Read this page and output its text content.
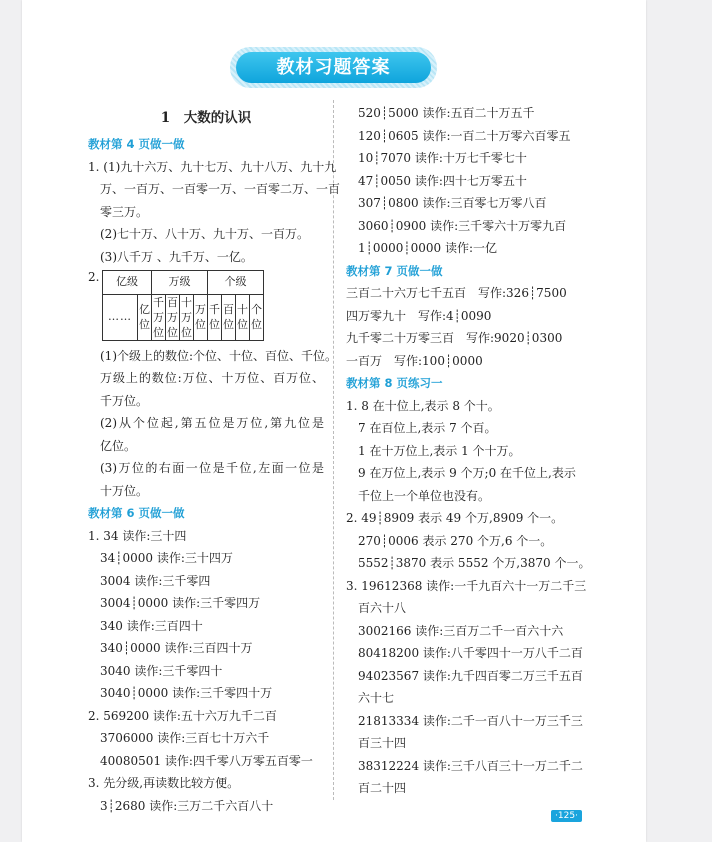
教材习题答案
1　大数的认识
教材第 4 页做一做
1. (1)九十六万、九十七万、九十八万、九十九
万、一百万、一百零一万、一百零二万、一百
零三万。
(2)七十万、八十万、九十万、一百万。
(3)八千万 、九千万、一亿。
2. 亿级		万级				个级			
……	亿位	千万位	百万位	十万位	万位	千位	百位	十位	个位
(1)个级上的数位:个位、十位、百位、千位。
万级上的数位:万位、十万位、百万位、
千万位。
(2)从个位起,第五位是万位,第九位是
亿位。
(3)万位的右面一位是千位,左面一位是
十万位。
教材第 6 页做一做
1. 34 读作:三十四
34┊0000 读作:三十四万
3004 读作:三千零四
3004┊0000 读作:三千零四万
340 读作:三百四十
340┊0000 读作:三百四十万
3040 读作:三千零四十
3040┊0000 读作:三千零四十万
2. 569200 读作:五十六万九千二百
3706000 读作:三百七十万六千
40080501 读作:四千零八万零五百零一
3. 先分级,再读数比较方便。
3┊2680 读作:三万二千六百八十
520┊5000 读作:五百二十万五千
120┊0605 读作:一百二十万零六百零五
10┊7070 读作:十万七千零七十
47┊0050 读作:四十七万零五十
307┊0800 读作:三百零七万零八百
3060┊0900 读作:三千零六十万零九百
1┊0000┊0000 读作:一亿
教材第 7 页做一做
三百二十六万七千五百　写作:326┊7500
四万零九十　写作:4┊0090
九千零二十万零三百　写作:9020┊0300
一百万　写作:100┊0000
教材第 8 页练习一
1. 8 在十位上,表示 8 个十。
7 在百位上,表示 7 个百。
1 在十万位上,表示 1 个十万。
9 在万位上,表示 9 个万;0 在千位上,表示
千位上一个单位也没有。
2. 49┊8909 表示 49 个万,8909 个一。
270┊0006 表示 270 个万,6 个一。
5552┊3870 表示 5552 个万,3870 个一。
3. 19612368 读作:一千九百六十一万二千三
百六十八
3002166 读作:三百万二千一百六十六
80418200 读作:八千零四十一万八千二百
94023567 读作:九千四百零二万三千五百
六十七
21813334 读作:二千一百八十一万三千三
百三十四
38312224 读作:三千八百三十一万二千二
百二十四
·125·
